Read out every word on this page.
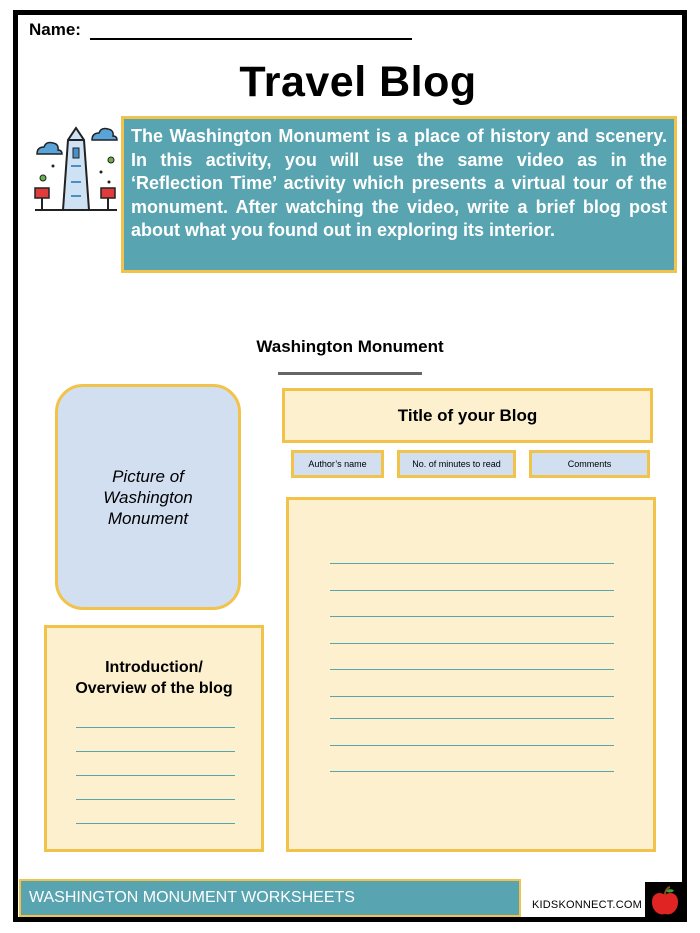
Name:
Travel Blog
The Washington Monument is a place of history and scenery. In this activity, you will use the same video as in the ‘Reflection Time’ activity which presents a virtual tour of the monument. After watching the video, write a brief blog post about what you found out in exploring its interior.
Washington Monument
Picture of Washington Monument
Introduction/
Overview of the blog
Title of your Blog
Author’s name	No. of minutes to read	Comments
WASHINGTON MONUMENT WORKSHEETS	KIDSKONNECT.COM
